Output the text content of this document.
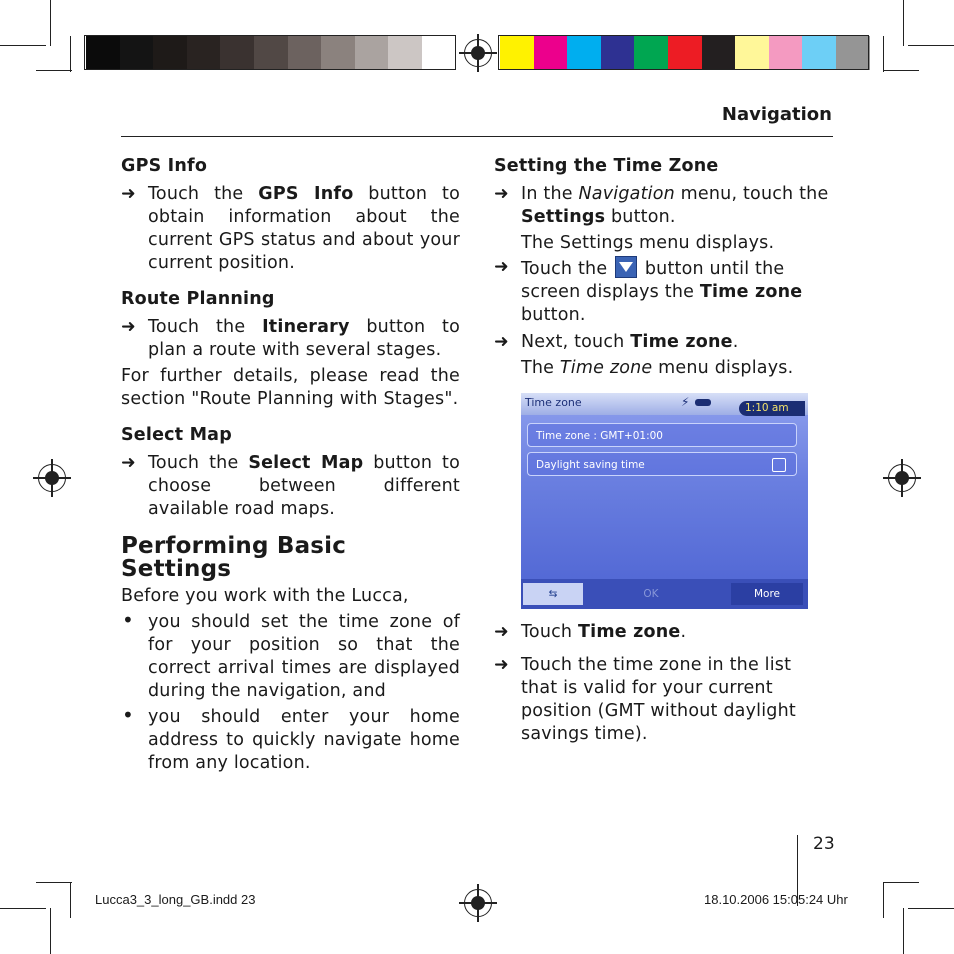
Navigation

GPS Info

➜ Touch the GPS Info button to obtain information about the current GPS status and about your current position.

Route Planning

➜ Touch the Itinerary button to plan a route with several stages.
For further details, please read the section "Route Planning with Stages".

Select Map

➜ Touch the Select Map button to choose between different available road maps.

Performing Basic Settings

Before you work with the Lucca,
• you should set the time zone of for your position so that the correct arrival times are displayed during the navigation, and
• you should enter your home address to quickly navigate home from any location.

Setting the Time Zone

➜ In the Navigation menu, touch the Settings button.
The Settings menu displays.
➜ Touch the
button until the screen displays the Time zone button.
➜ Next, touch Time zone.
The Time zone menu displays.
Time zone	⚡	1:10 am
Time zone : GMT+01:00
Daylight saving time
⇆	OK	More
➜ Touch Time zone.
➜ Touch the time zone in the list that is valid for your current position (GMT without daylight savings time).
23
Lucca3_3_long_GB.indd 23	18.10.2006 15:05:24 Uhr
